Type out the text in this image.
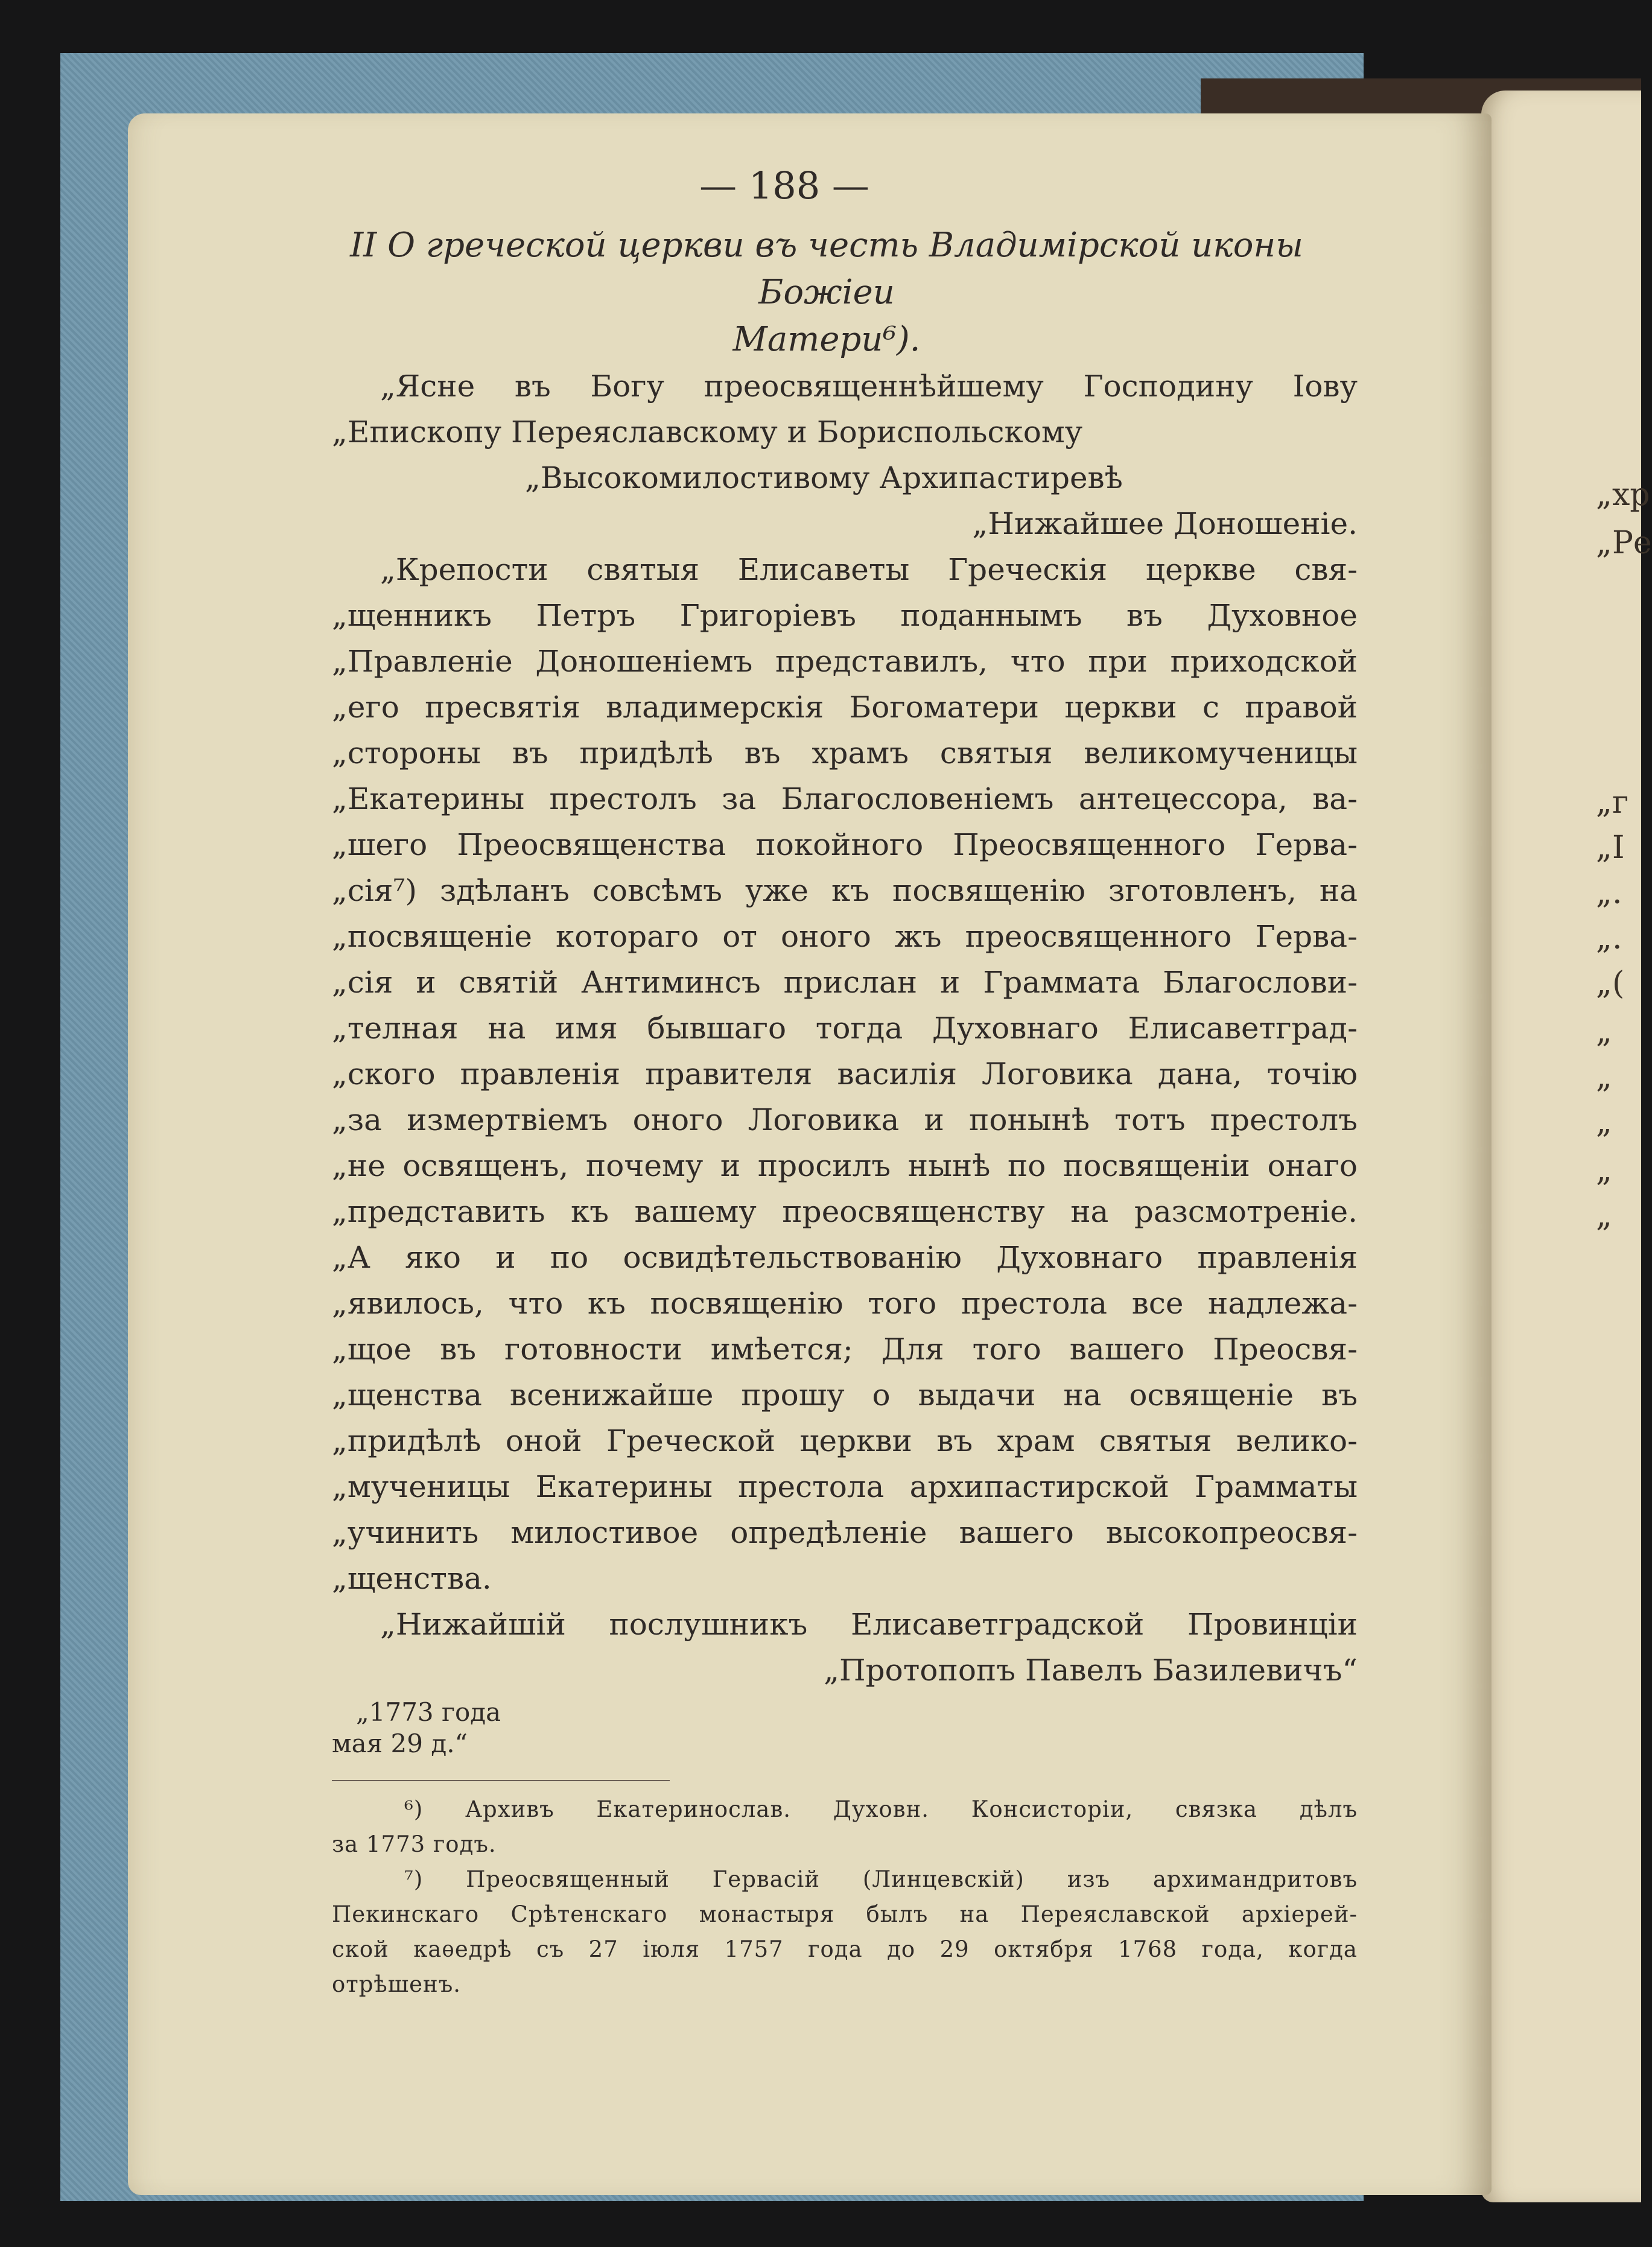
„хр
„Ре
„г
„I
„.
„.
„(
„
„
„
„
„
— 188 —
II О греческой церкви въ честь Владимірской иконы Божіеи
Матери⁶).
„Ясне въ Богу преосвященнѣйшему Господину Іову
„Епископу Переяславскому и Бориспольскому
„Высокомилостивому Архипастиревѣ
„Нижайшее Доношеніе.
„Крепости святыя Елисаветы Греческія церкве свя-
„щенникъ Петръ Григоріевъ поданнымъ въ Духовное
„Правленіе Доношеніемъ представилъ, что при приходской
„его пресвятія владимерскія Богоматери церкви с правой
„стороны въ придѣлѣ въ храмъ святыя великомученицы
„Екатерины престолъ за Благословеніемъ антецессора, ва-
„шего Преосвященства покойного Преосвященного Герва-
„сія⁷) здѣланъ совсѣмъ уже къ посвященію зготовленъ, на
„посвященіе котораго от оного жъ преосвященного Герва-
„сія и святій Антиминсъ прислан и Грамматa Благослови-
„телная на имя бывшаго тогда Духовнаго Елисаветград-
„ского правленія правителя василія Логовика дана, точію
„за измертвіемъ оного Логовика и понынѣ тотъ престолъ
„не освященъ, почему и просилъ нынѣ по посвященіи онаго
„представить къ вашему преосвященству на разсмотреніе.
„А яко и по освидѣтельствованію Духовнаго правленія
„явилось, что къ посвященію того престола все надлежа-
„щое въ готовности имѣется; Для того вашего Преосвя-
„щенства всенижайше прошу о выдачи на освященіе въ
„придѣлѣ оной Греческой церкви въ храм святыя велико-
„мученицы Екатерины престола архипастирской Грамматы
„учинить милостивое опредѣленіе вашего высокопреосвя-
„щенства.
„Нижайшій послушникъ Елисаветградской Провинціи
„Протопопъ Павелъ Базилевичъ“
„1773 года
мая 29 д.“
⁶) Архивъ Екатеринослав. Духовн. Консисторіи, связка дѣлъ
за 1773 годъ.
⁷) Преосвященный Гервасій (Линцевскій) изъ архимандритовъ
Пекинскаго Срѣтенскаго монастыря былъ на Переяславской архіерей-
ской каѳедрѣ съ 27 іюля 1757 года до 29 октября 1768 года, когда
отрѣшенъ.
